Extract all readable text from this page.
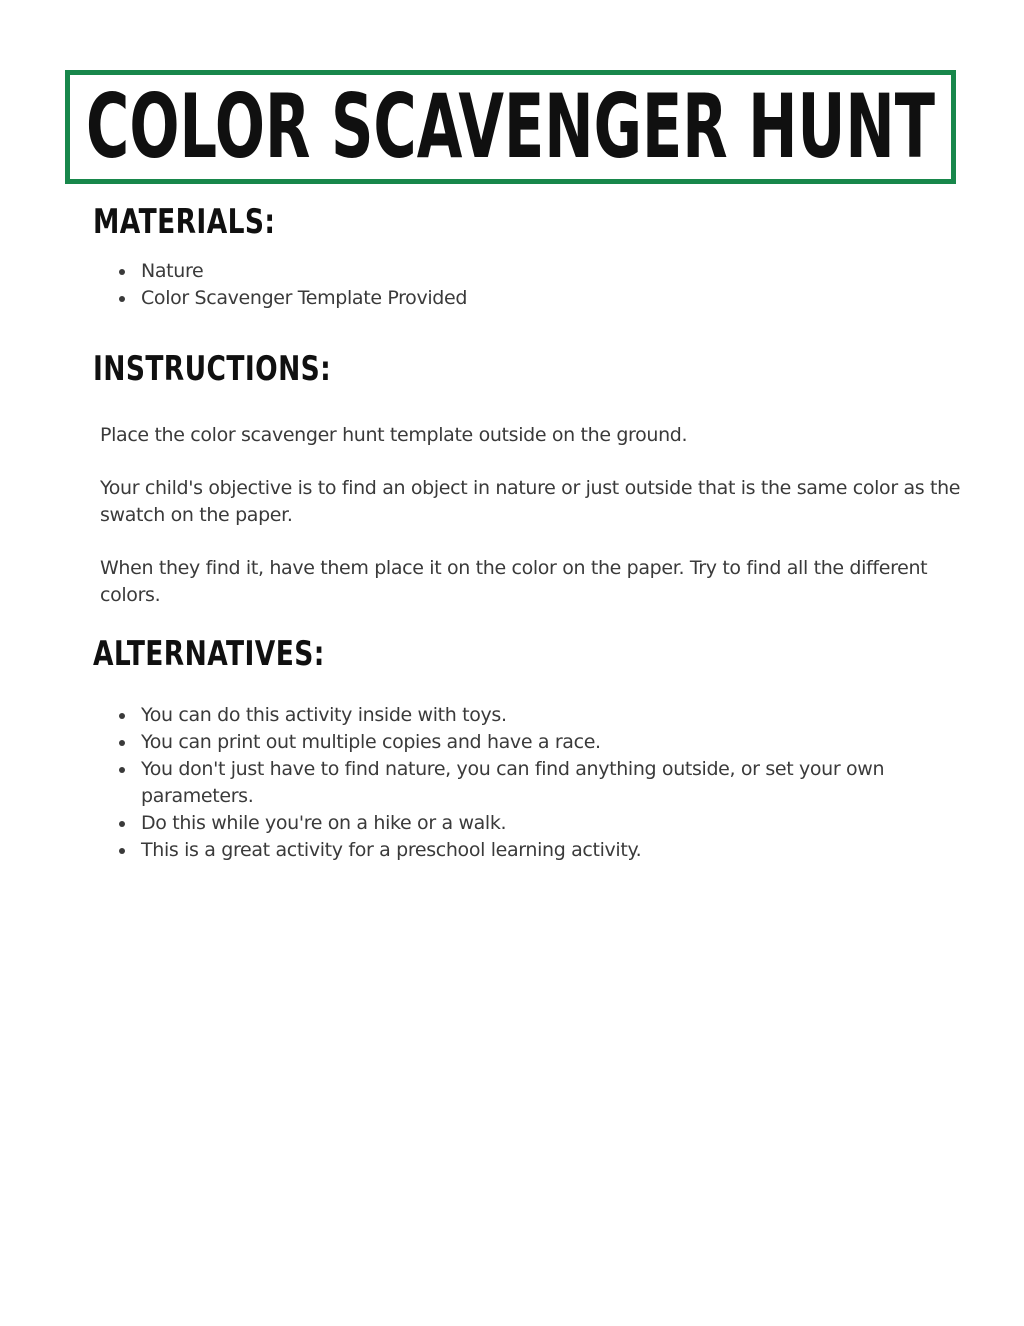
COLOR SCAVENGER HUNT
MATERIALS:
• Nature
• Color Scavenger Template Provided
INSTRUCTIONS:

Place the color scavenger hunt template outside on the ground.

Your child's objective is to find an object in nature or just outside that is the same color as the swatch on the paper.

When they find it, have them place it on the color on the paper. Try to find all the different colors.

ALTERNATIVES:
• You can do this activity inside with toys.
• You can print out multiple copies and have a race.
• You don't just have to find nature, you can find anything outside, or set your own parameters.
• Do this while you're on a hike or a walk.
• This is a great activity for a preschool learning activity.
